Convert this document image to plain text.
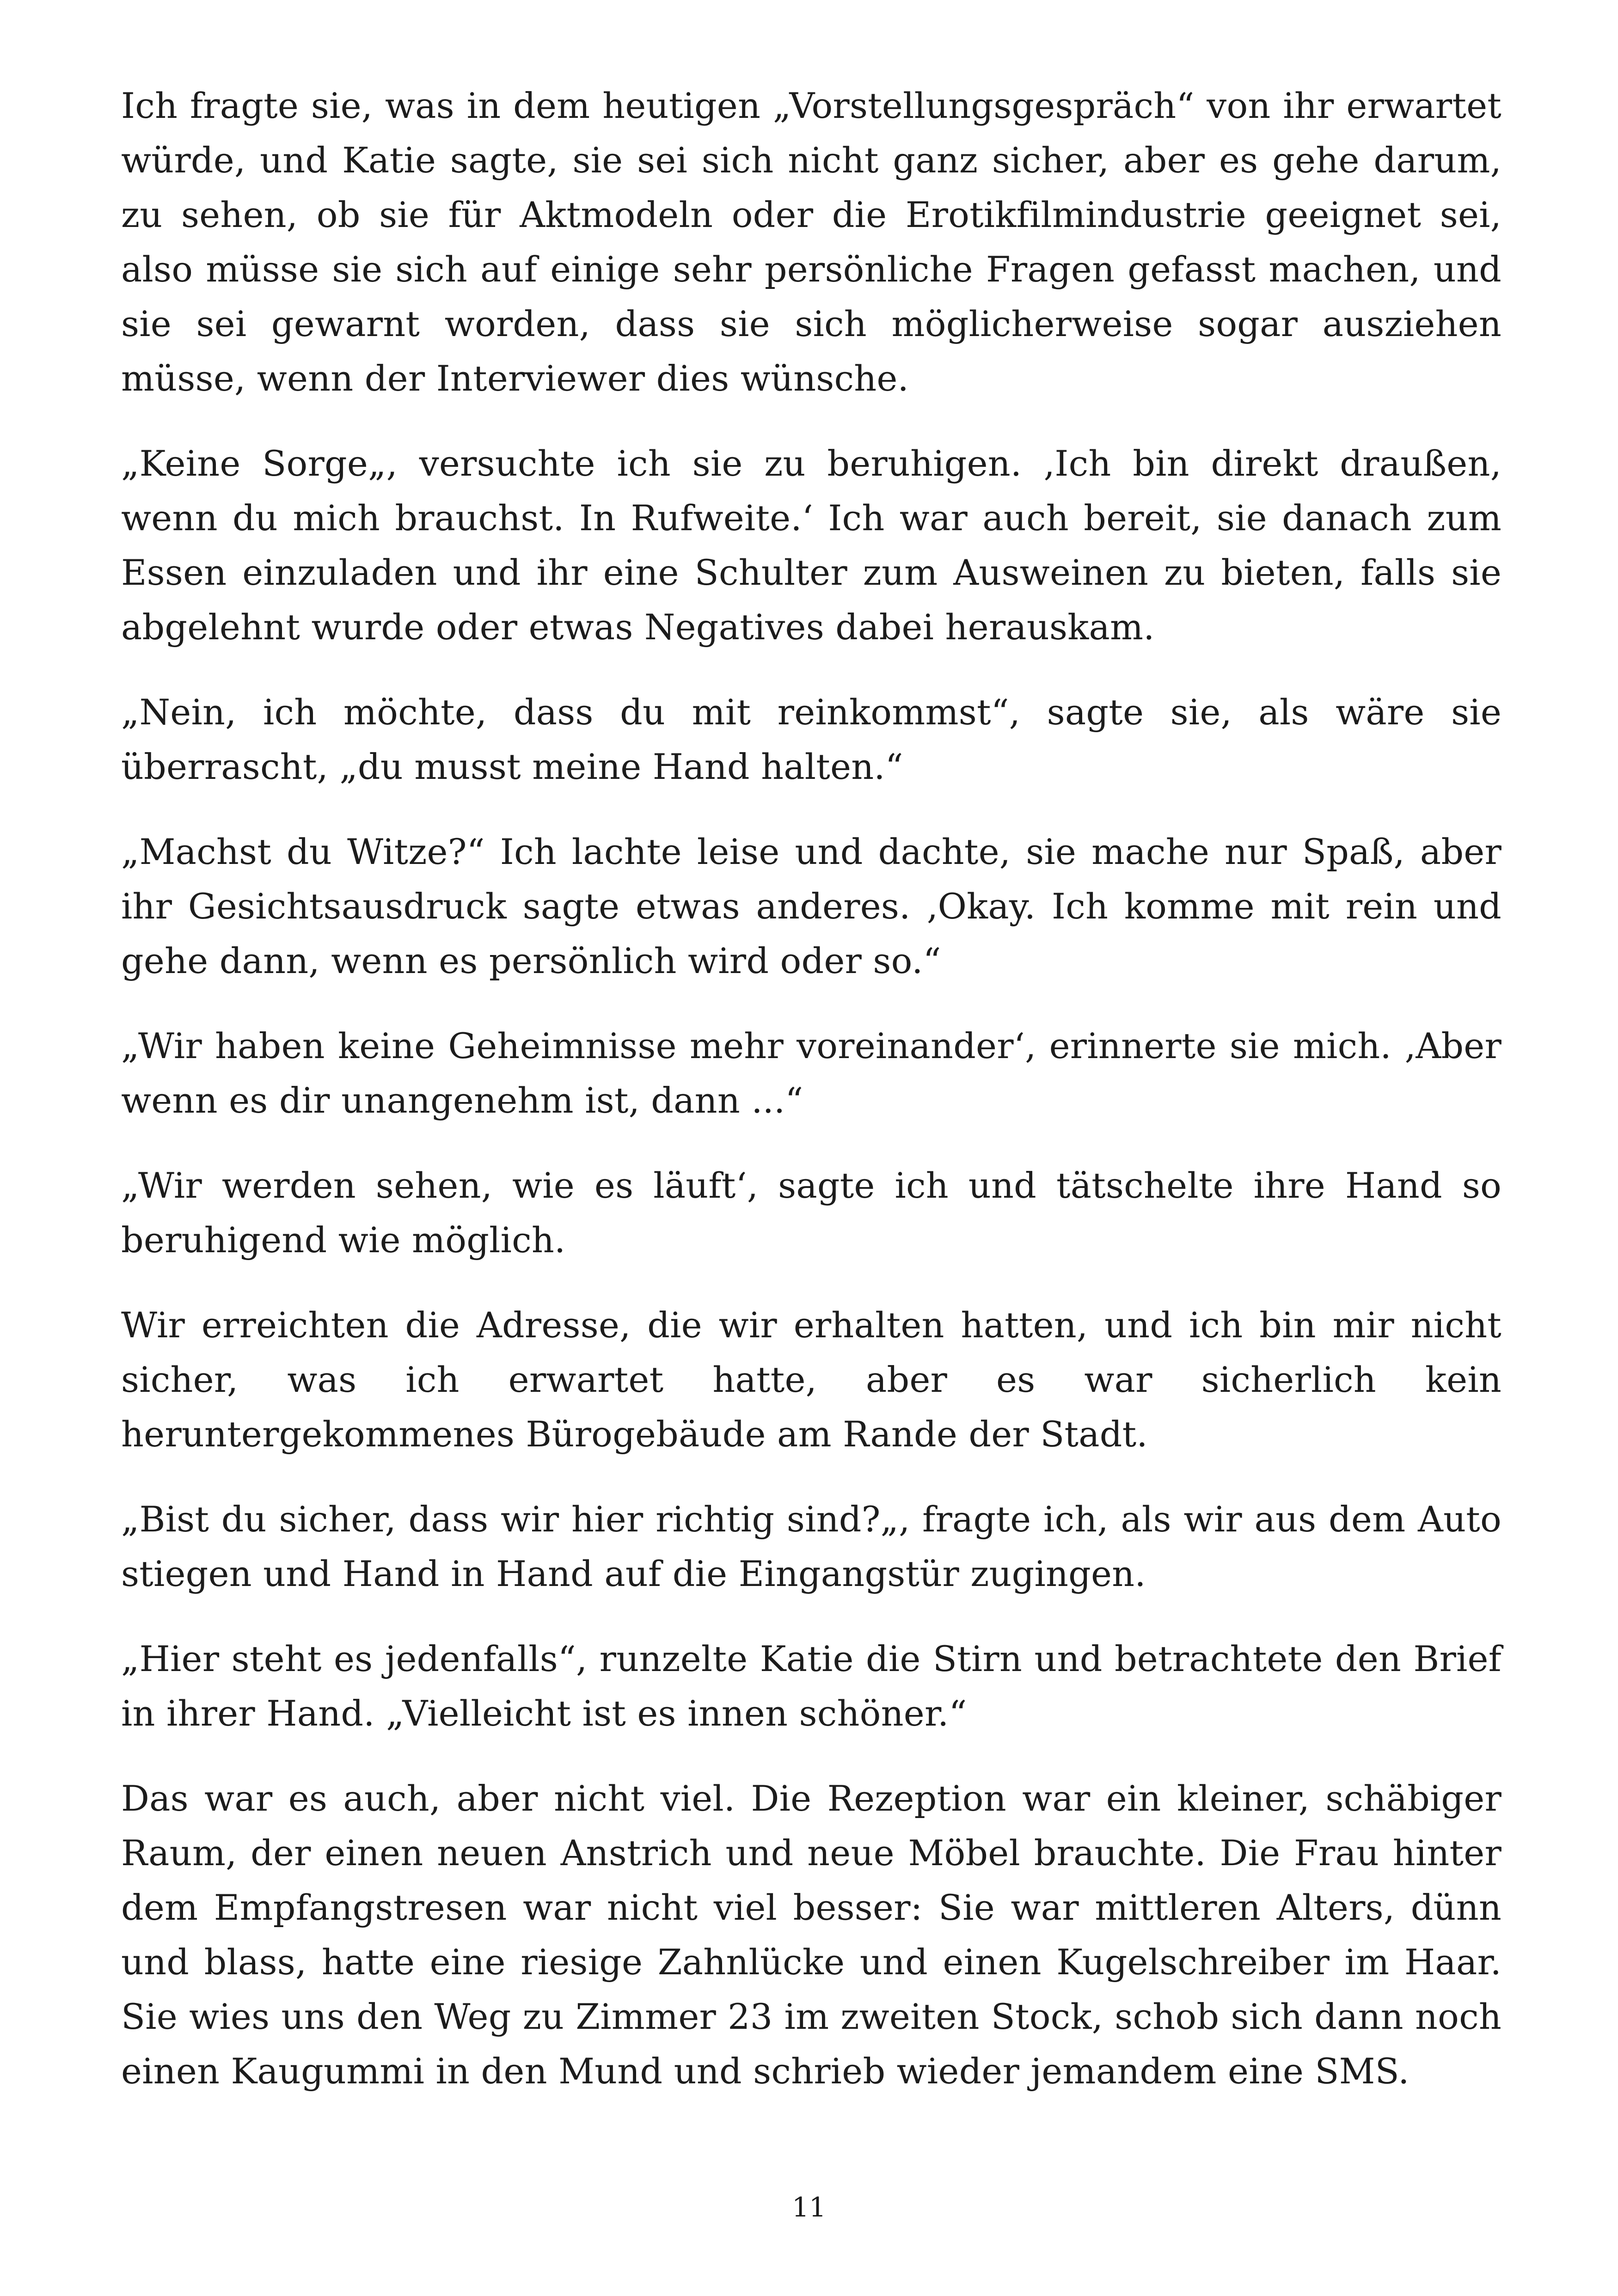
Ich fragte sie, was in dem heutigen „Vorstellungsgespräch“ von ihr erwartet würde, und Katie sagte, sie sei sich nicht ganz sicher, aber es gehe darum, zu sehen, ob sie für Aktmodeln oder die Erotikfilmindustrie geeignet sei, also müsse sie sich auf einige sehr persönliche Fragen gefasst machen, und sie sei gewarnt worden, dass sie sich möglicherweise sogar ausziehen müsse, wenn der Interviewer dies wünsche.

„Keine Sorge„, versuchte ich sie zu beruhigen. ‚Ich bin direkt draußen, wenn du mich brauchst. In Rufweite.‘ Ich war auch bereit, sie danach zum Essen einzuladen und ihr eine Schulter zum Ausweinen zu bieten, falls sie abgelehnt wurde oder etwas Negatives dabei herauskam.

„Nein, ich möchte, dass du mit reinkommst“, sagte sie, als wäre sie überrascht, „du musst meine Hand halten.“

„Machst du Witze?“ Ich lachte leise und dachte, sie mache nur Spaß, aber ihr Gesichtsausdruck sagte etwas anderes. ‚Okay. Ich komme mit rein und gehe dann, wenn es persönlich wird oder so.“

„Wir haben keine Geheimnisse mehr voreinander‘, erinnerte sie mich. ‚Aber wenn es dir unangenehm ist, dann ...“

„Wir werden sehen, wie es läuft‘, sagte ich und tätschelte ihre Hand so beruhigend wie möglich.

Wir erreichten die Adresse, die wir erhalten hatten, und ich bin mir nicht sicher, was ich erwartet hatte, aber es war sicherlich kein heruntergekommenes Bürogebäude am Rande der Stadt.

„Bist du sicher, dass wir hier richtig sind?„, fragte ich, als wir aus dem Auto stiegen und Hand in Hand auf die Eingangstür zugingen.

„Hier steht es jedenfalls“, runzelte Katie die Stirn und betrachtete den Brief in ihrer Hand. „Vielleicht ist es innen schöner.“

Das war es auch, aber nicht viel. Die Rezeption war ein kleiner, schäbiger Raum, der einen neuen Anstrich und neue Möbel brauchte. Die Frau hinter dem Empfangstresen war nicht viel besser: Sie war mittleren Alters, dünn und blass, hatte eine riesige Zahnlücke und einen Kugelschreiber im Haar. Sie wies uns den Weg zu Zimmer 23 im zweiten Stock, schob sich dann noch einen Kaugummi in den Mund und schrieb wieder jemandem eine SMS.

11
